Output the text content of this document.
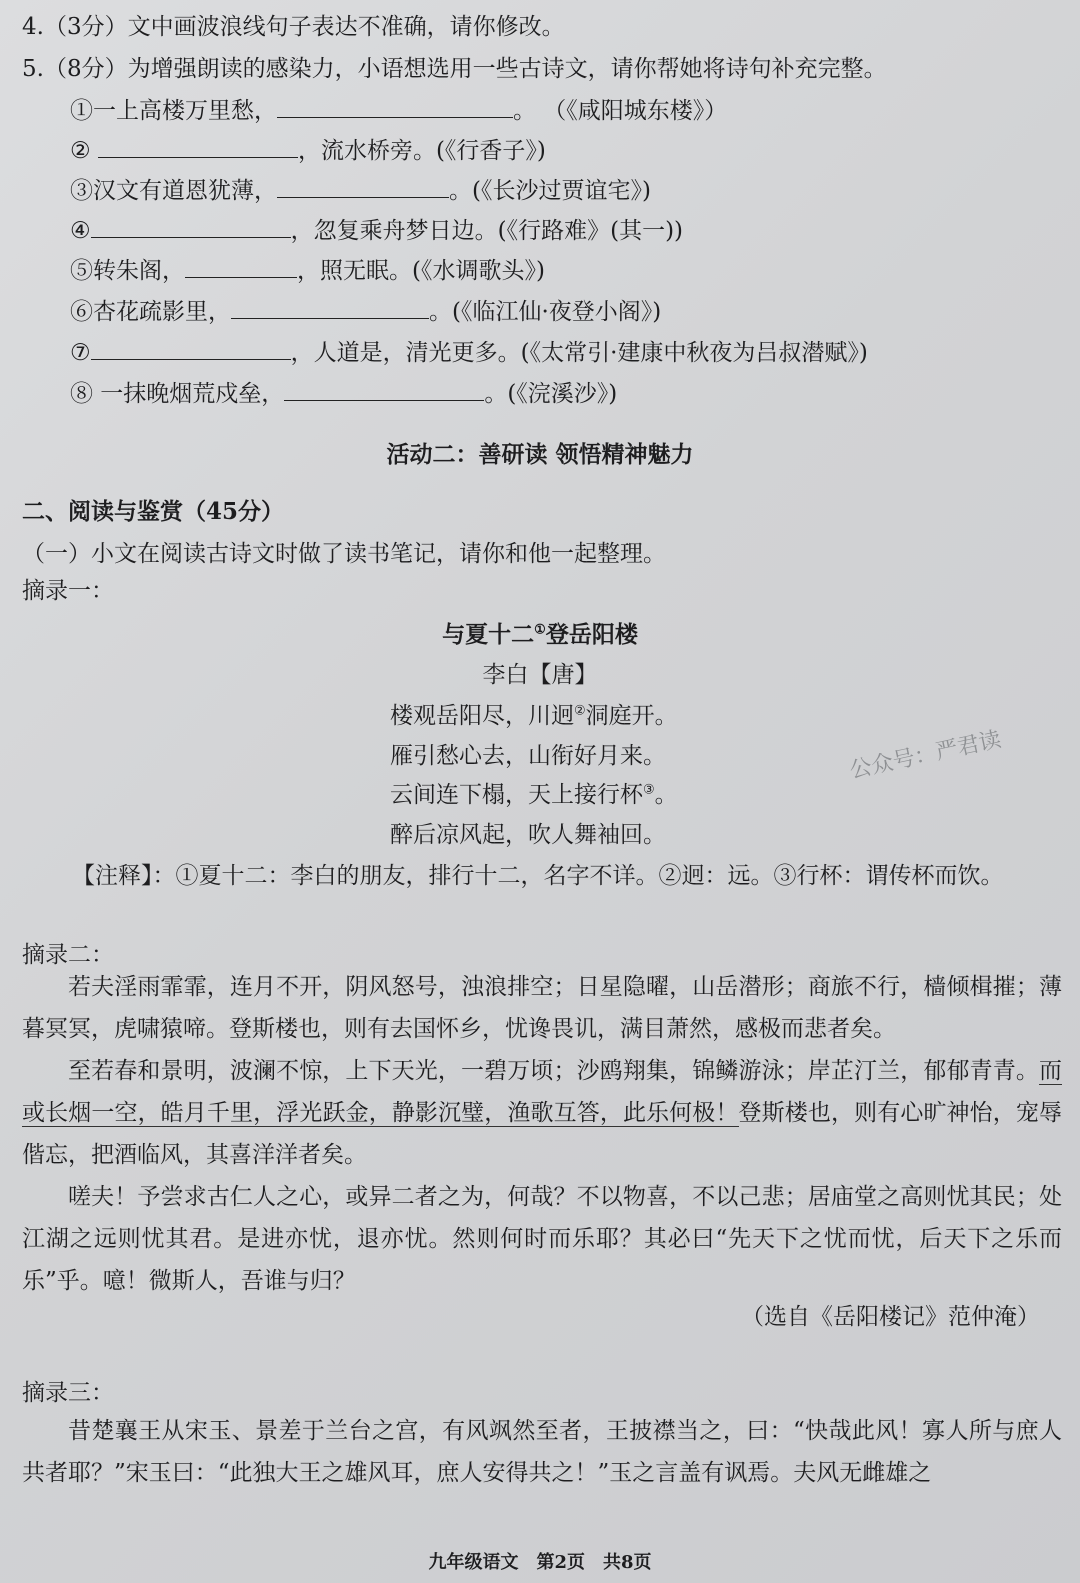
4.（3分）文中画波浪线句子表达不准确，请你修改。
5.（8分）为增强朗读的感染力，小语想选用一些古诗文，请你帮她将诗句补充完整。
①一上高楼万里愁，	。 （《咸阳城东楼》）
②	，流水桥旁。(《行香子》)
③汉文有道恩犹薄，	。(《长沙过贾谊宅》)
④	，忽复乘舟梦日边。(《行路难》(其一))
⑤转朱阁，	，照无眠。(《水调歌头》)
⑥杏花疏影里，	。(《临江仙·夜登小阁》)
⑦	，人道是，清光更多。(《太常引·建康中秋夜为吕叔潜赋》)
⑧ 一抹晚烟荒戍垒，	。(《浣溪沙》)
活动二：善研读 领悟精神魅力
二、阅读与鉴赏（45分）
（一）小文在阅读古诗文时做了读书笔记，请你和他一起整理。
摘录一：
与夏十二①登岳阳楼
李白【唐】
楼观岳阳尽，川迥②洞庭开。
雁引愁心去，山衔好月来。
云间连下榻，天上接行杯③。
醉后凉风起，吹人舞袖回。
公众号：严君读
【注释】：①夏十二：李白的朋友，排行十二，名字不详。②迥：远。③行杯：谓传杯而饮。
摘录二：
若夫淫雨霏霏，连月不开，阴风怒号，浊浪排空；日星隐曜，山岳潜形；商旅不行，樯倾楫摧；薄暮冥冥，虎啸猿啼。登斯楼也，则有去国怀乡，忧谗畏讥，满目萧然，感极而悲者矣。
至若春和景明，波澜不惊，上下天光，一碧万顷；沙鸥翔集，锦鳞游泳；岸芷汀兰，郁郁青青。而或长烟一空，皓月千里，浮光跃金，静影沉璧，渔歌互答，此乐何极！登斯楼也，则有心旷神怡，宠辱偕忘，把酒临风，其喜洋洋者矣。
嗟夫！予尝求古仁人之心，或异二者之为，何哉？不以物喜，不以己悲；居庙堂之高则忧其民；处江湖之远则忧其君。是进亦忧，退亦忧。然则何时而乐耶？其必曰“先天下之忧而忧，后天下之乐而乐”乎。噫！微斯人，吾谁与归？
（选自《岳阳楼记》范仲淹）
摘录三：
昔楚襄王从宋玉、景差于兰台之宫，有风飒然至者，王披襟当之，曰：“快哉此风！寡人所与庶人共者耶？”宋玉曰：“此独大王之雄风耳，庶人安得共之！”玉之言盖有讽焉。夫风无雌雄之
九年级语文　第2页　共8页
